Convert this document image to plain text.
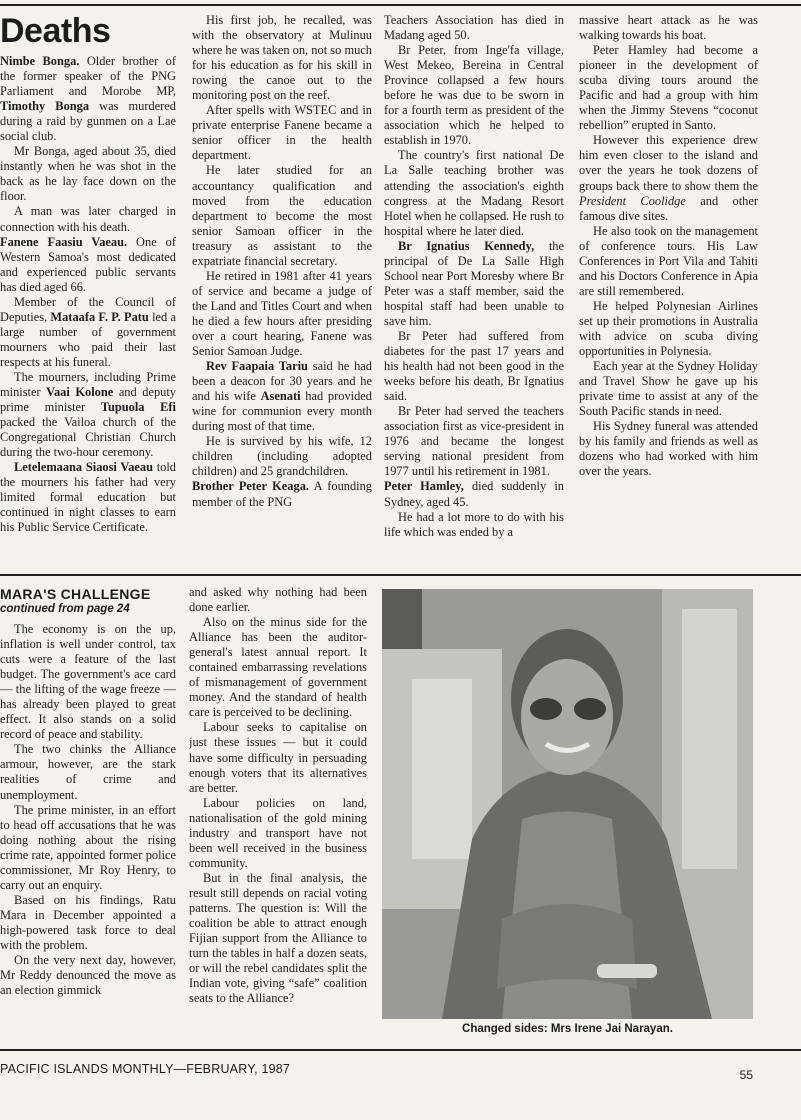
Deaths

Nimbe Bonga. Older brother of the former speaker of the PNG Parliament and Morobe MP, Timothy Bonga was murdered during a raid by gunmen on a Lae social club.

Mr Bonga, aged about 35, died instantly when he was shot in the back as he lay face down on the floor.

A man was later charged in connection with his death.

Fanene Faasiu Vaeau. One of Western Samoa's most dedicated and experienced public servants has died aged 66.

Member of the Council of Deputies, Mataafa F. P. Patu led a large number of government mourners who paid their last respects at his funeral.

The mourners, including Prime minister Vaai Kolone and deputy prime minister Tupuola Efi packed the Vailoa church of the Congregational Christian Church during the two-hour ceremony.

Letelemaana Siaosi Vaeau told the mourners his father had very limited formal education but continued in night classes to earn his Public Service Certificate.

His first job, he recalled, was with the observatory at Mulinuu where he was taken on, not so much for his education as for his skill in rowing the canoe out to the monitoring post on the reef.

After spells with WSTEC and in private enterprise Fanene became a senior officer in the health department.

He later studied for an accountancy qualification and moved from the education department to become the most senior Samoan officer in the treasury as assistant to the expatriate financial secretary.

He retired in 1981 after 41 years of service and became a judge of the Land and Titles Court and when he died a few hours after presiding over a court hearing, Fanene was Senior Samoan Judge.

Rev Faapaia Tariu said he had been a deacon for 30 years and he and his wife Asenati had provided wine for communion every month during most of that time.

He is survived by his wife, 12 children (including adopted children) and 25 grandchildren.

Brother Peter Keaga. A founding member of the PNG

Teachers Association has died in Madang aged 50.

Br Peter, from Inge'fa village, West Mekeo, Bereina in Central Province collapsed a few hours before he was due to be sworn in for a fourth term as president of the association which he helped to establish in 1970.

The country's first national De La Salle teaching brother was attending the association's eighth congress at the Madang Resort Hotel when he collapsed. He rush to hospital where he later died.

Br Ignatius Kennedy, the principal of De La Salle High School near Port Moresby where Br Peter was a staff member, said the hospital staff had been unable to save him.

Br Peter had suffered from diabetes for the past 17 years and his health had not been good in the weeks before his death, Br Ignatius said.

Br Peter had served the teachers association first as vice-president in 1976 and became the longest serving national president from 1977 until his retirement in 1981.

Peter Hamley, died suddenly in Sydney, aged 45.

He had a lot more to do with his life which was ended by a

massive heart attack as he was walking towards his boat.

Peter Hamley had become a pioneer in the development of scuba diving tours around the Pacific and had a group with him when the Jimmy Stevens “coconut rebellion” erupted in Santo.

However this experience drew him even closer to the island and over the years he took dozens of groups back there to show them the President Coolidge and other famous dive sites.

He also took on the management of conference tours. His Law Conferences in Port Vila and Tahiti and his Doctors Conference in Apia are still remembered.

He helped Polynesian Airlines set up their promotions in Australia with advice on scuba diving opportunities in Polynesia.

Each year at the Sydney Holiday and Travel Show he gave up his private time to assist at any of the South Pacific stands in need.

His Sydney funeral was attended by his family and friends as well as dozens who had worked with him over the years.

MARA'S CHALLENGE
continued from page 24

The economy is on the up, inflation is well under control, tax cuts were a feature of the last budget. The government's ace card — the lifting of the wage freeze — has already been played to great effect. It also stands on a solid record of peace and stability.

The two chinks the Alliance armour, however, are the stark realities of crime and unemployment.

The prime minister, in an effort to head off accusations that he was doing nothing about the rising crime rate, appointed former police commissioner, Mr Roy Henry, to carry out an enquiry.

Based on his findings, Ratu Mara in December appointed a high-powered task force to deal with the problem.

On the very next day, however, Mr Reddy denounced the move as an election gimmick

and asked why nothing had been done earlier.

Also on the minus side for the Alliance has been the auditor-general's latest annual report. It contained embarrassing revelations of mismanagement of government money. And the standard of health care is perceived to be declining.

Labour seeks to capitalise on just these issues — but it could have some difficulty in persuading enough voters that its alternatives are better.

Labour policies on land, nationalisation of the gold mining industry and transport have not been well received in the business community.

But in the final analysis, the result still depends on racial voting patterns. The question is: Will the coalition be able to attract enough Fijian support from the Alliance to turn the tables in half a dozen seats, or will the rebel candidates split the Indian vote, giving “safe” coalition seats to the Alliance?

Changed sides: Mrs Irene Jai Narayan.
PACIFIC ISLANDS MONTHLY—FEBRUARY, 1987	55
